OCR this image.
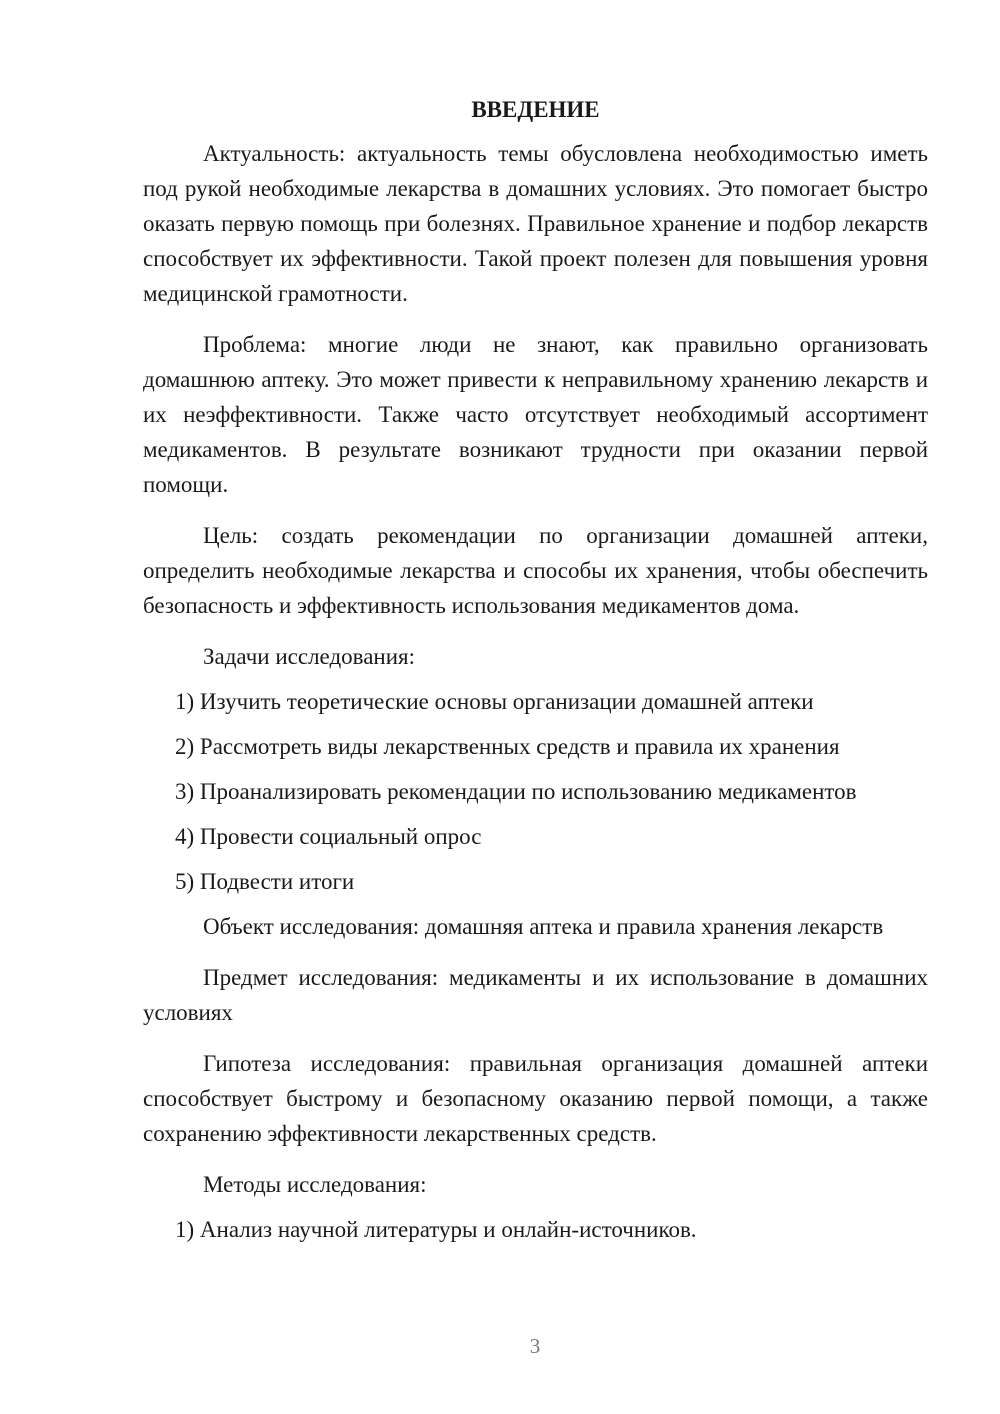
ВВЕДЕНИЕ

Актуальность: актуальность темы обусловлена необходимостью иметь под рукой необходимые лекарства в домашних условиях. Это помогает быстро оказать первую помощь при болезнях. Правильное хранение и подбор лекарств способствует их эффективности. Такой проект полезен для повышения уровня медицинской грамотности.

Проблема: многие люди не знают, как правильно организовать домашнюю аптеку. Это может привести к неправильному хранению лекарств и их неэффективности. Также часто отсутствует необходимый ассортимент медикаментов. В результате возникают трудности при оказании первой помощи.

Цель: создать рекомендации по организации домашней аптеки, определить необходимые лекарства и способы их хранения, чтобы обеспечить безопасность и эффективность использования медикаментов дома.

Задачи исследования:
1) Изучить теоретические основы организации домашней аптеки
2) Рассмотреть виды лекарственных средств и правила их хранения
3) Проанализировать рекомендации по использованию медикаментов
4) Провести социальный опрос
5) Подвести итоги

Объект исследования: домашняя аптека и правила хранения лекарств

Предмет исследования: медикаменты и их использование в домашних условиях

Гипотеза исследования: правильная организация домашней аптеки способствует быстрому и безопасному оказанию первой помощи, а также сохранению эффективности лекарственных средств.

Методы исследования:
1) Анализ научной литературы и онлайн-источников.
3
